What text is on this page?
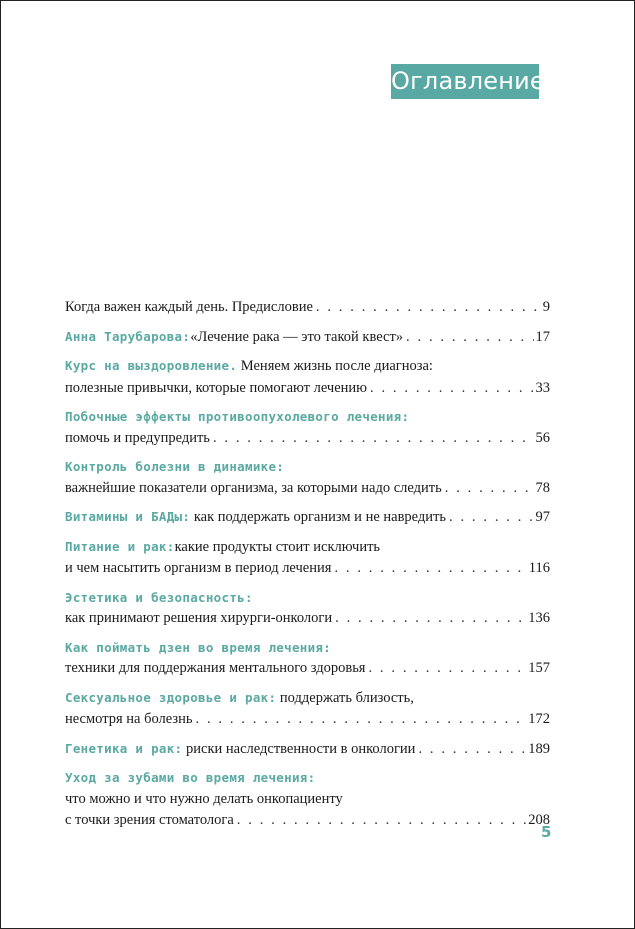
Оглавление
Когда важен каждый день. Предисловие . . .	9
Анна Тарубарова: «Лечение рака — это такой квест» . . .	17
Курс на выздоровление. Меняем жизнь после диагноза:
полезные привычки, которые помогают лечению . . .	33
Побочные эффекты противоопухолевого лечения:
помочь и предупредить . . .	56
Контроль болезни в динамике:
важнейшие показатели организма, за которыми надо следить . . .	78
Витамины и БАДы: как поддержать организм и не навредить . . .	97
Питание и рак: какие продукты стоит исключить
и чем насытить организм в период лечения . . .	116
Эстетика и безопасность:
как принимают решения хирурги-онкологи . . .	136
Как поймать дзен во время лечения:
техники для поддержания ментального здоровья . . .	157
Сексуальное здоровье и рак: поддержать близость,
несмотря на болезнь . . .	172
Генетика и рак: риски наследственности в онкологии . . .	189
Уход за зубами во время лечения:
что можно и что нужно делать онкопациенту
с точки зрения стоматолога . . .	208
5
